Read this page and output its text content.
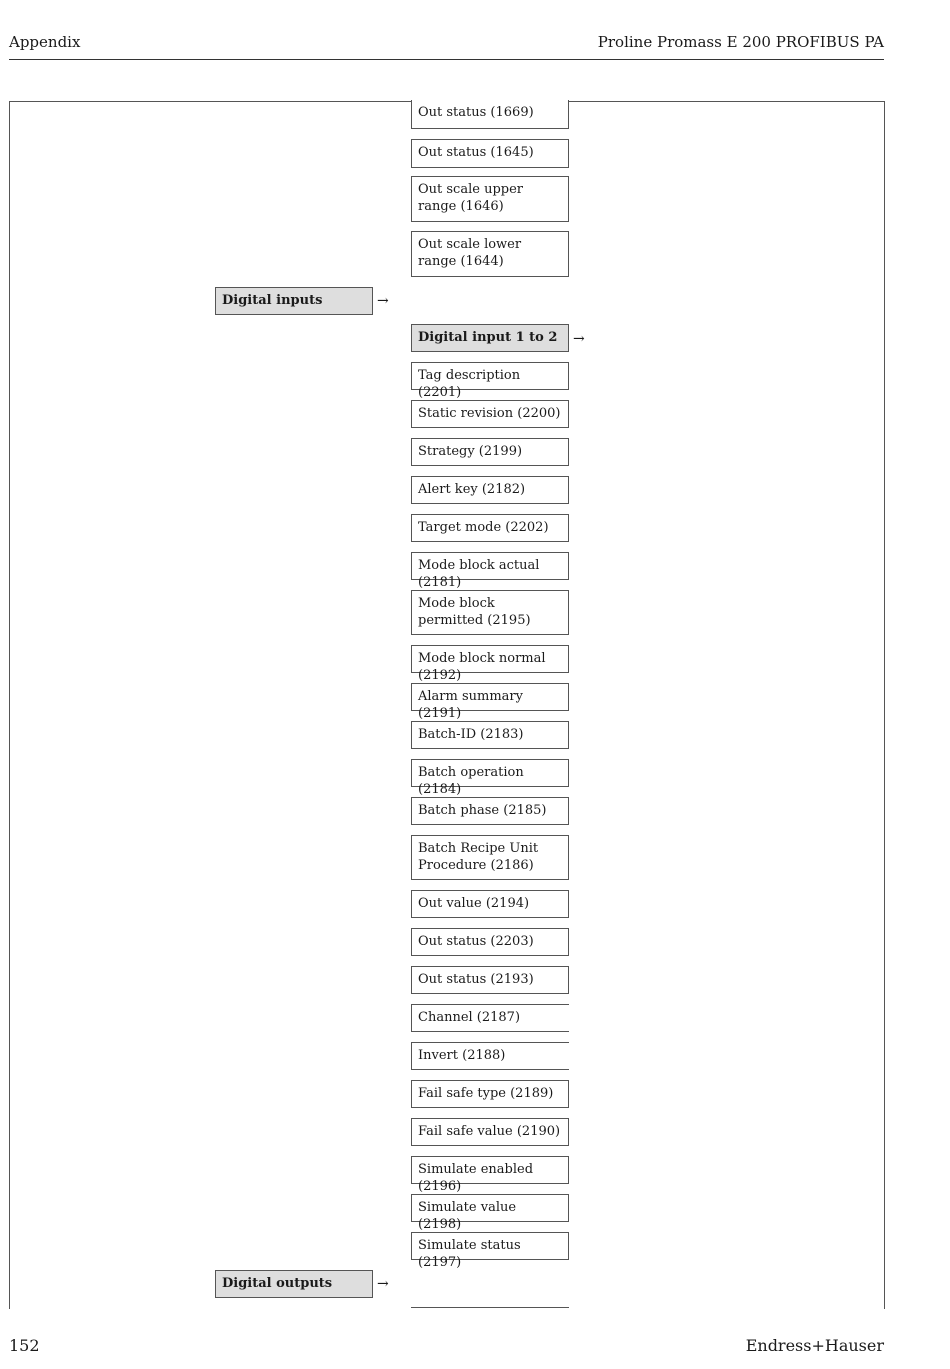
Appendix	Proline Promass E 200 PROFIBUS PA
Out status (1669)
Out status (1645)
Out scale upper range (1646)
Out scale lower range (1644)
Digital inputs	→
Digital input 1 to 2	→
Tag description (2201)
Static revision (2200)
Strategy (2199)
Alert key (2182)
Target mode (2202)
Mode block actual (2181)
Mode block permitted (2195)
Mode block normal (2192)
Alarm summary (2191)
Batch-ID (2183)
Batch operation (2184)
Batch phase (2185)
Batch Recipe Unit Procedure (2186)
Out value (2194)
Out status (2203)
Out status (2193)
Channel (2187)
Invert (2188)
Fail safe type (2189)
Fail safe value (2190)
Simulate enabled (2196)
Simulate value (2198)
Simulate status (2197)
Digital outputs	→
152	Endress+Hauser
